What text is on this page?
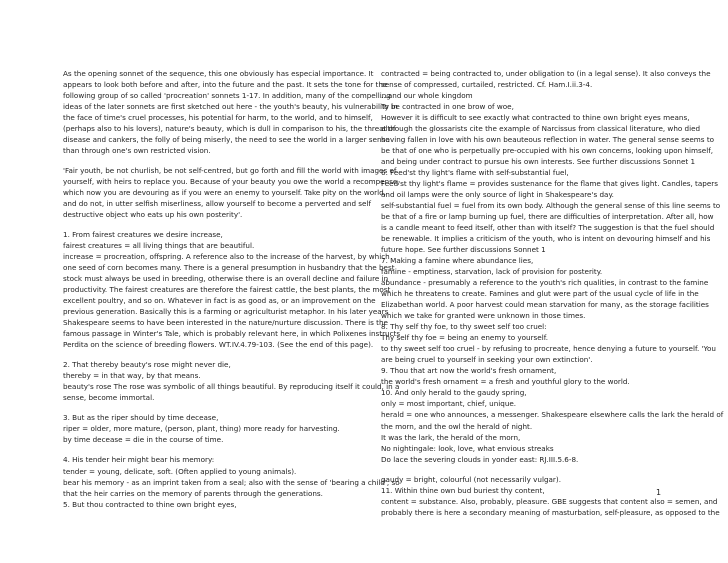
As the opening sonnet of the sequence, this one obviously has especial importance. It
appears to look both before and after, into the future and the past. It sets the tone for the
following group of so called 'procreation' sonnets 1-17. In addition, many of the compelling
ideas of the later sonnets are first sketched out here - the youth's beauty, his vulnerability in
the face of time's cruel processes, his potential for harm, to the world, and to himself,
(perhaps also to his lovers), nature's beauty, which is dull in comparison to his, the threat of
disease and cankers, the folly of being miserly, the need to see the world in a larger sense
than through one's own restricted vision.
'Fair youth, be not churlish, be not self-centred, but go forth and fill the world with images of
yourself, with heirs to replace you. Because of your beauty you owe the world a recompense,
which now you are devouring as if you were an enemy to yourself. Take pity on the world,
and do not, in utter selfish miserliness, allow yourself to become a perverted and self
destructive object who eats up his own posterity'.
1. From fairest creatures we desire increase,
fairest creatures = all living things that are beautiful.
increase = procreation, offspring. A reference also to the increase of the harvest, by which
one seed of corn becomes many. There is a general presumption in husbandry that the best
stock must always be used in breeding, otherwise there is an overall decline and failure in
productivity. The fairest creatures are therefore the fairest cattle, the best plants, the most
excellent poultry, and so on. Whatever in fact is as good as, or an improvement on the
previous generation. Basically this is a farming or agriculturist metaphor. In his later years
Shakespeare seems to have been interested in the nature/nurture discussion. There is the
famous passage in Winter's Tale, which is probably relevant here, in which Polixenes instructs
Perdita on the science of breeding flowers. WT.IV.4.79-103. (See the end of this page).
2. That thereby beauty's rose might never die,
thereby = in that way, by that means.
beauty's rose The rose was symbolic of all things beautiful. By reproducing itself it could, in a
sense, become immortal.
3. But as the riper should by time decease,
riper = older, more mature, (person, plant, thing) more ready for harvesting.
by time decease = die in the course of time.
4. His tender heir might bear his memory:
tender = young, delicate, soft. (Often applied to young animals).
bear his memory - as an imprint taken from a seal; also with the sense of 'bearing a child', so
that the heir carries on the memory of parents through the generations.
5. But thou contracted to thine own bright eyes,
contracted = being contracted to, under obligation to (in a legal sense). It also conveys the
sense of compressed, curtailed, restricted. Cf. Ham.I.ii.3-4.
...and our whole kingdom
To be contracted in one brow of woe,
However it is difficult to see exactly what contracted to thine own bright eyes means,
although the glossarists cite the example of Narcissus from classical literature, who died
having fallen in love with his own beauteous reflection in water. The general sense seems to
be that of one who is perpetually pre-occupied with his own concerns, looking upon himself,
and being under contract to pursue his own interests. See further discussions Sonnet 1
6. Feed'st thy light's flame with self-substantial fuel,
Feed'st thy light's flame = provides sustenance for the flame that gives light. Candles, tapers
and oil lamps were the only source of light in Shakespeare's day.
self-substantial fuel = fuel from its own body. Although the general sense of this line seems to
be that of a fire or lamp burning up fuel, there are difficulties of interpretation. After all, how
is a candle meant to feed itself, other than with itself? The suggestion is that the fuel should
be renewable. It implies a criticism of the youth, who is intent on devouring himself and his
future hope. See further discussions Sonnet 1
7. Making a famine where abundance lies,
famine - emptiness, starvation, lack of provision for posterity.
abundance - presumably a reference to the youth's rich qualities, in contrast to the famine
which he threatens to create. Famines and glut were part of the usual cycle of life in the
Elizabethan world. A poor harvest could mean starvation for many, as the storage facilities
which we take for granted were unknown in those times.
8. Thy self thy foe, to thy sweet self too cruel:
Thy self thy foe = being an enemy to yourself.
to thy sweet self too cruel - by refusing to procreate, hence denying a future to yourself. 'You
are being cruel to yourself in seeking your own extinction'.
9. Thou that art now the world's fresh ornament,
the world's fresh ornament = a fresh and youthful glory to the world.
10. And only herald to the gaudy spring,
only = most important, chief, unique.
herald = one who announces, a messenger. Shakespeare elsewhere calls the lark the herald of
the morn, and the owl the herald of night.
It was the lark, the herald of the morn,
No nightingale: look, love, what envious streaks
Do lace the severing clouds in yonder east: RJ.III.5.6-8.
gaudy = bright, colourful (not necessarily vulgar).
11. Within thine own bud buriest thy content,
content = substance. Also, probably, pleasure. GBE suggests that content also = semen, and
probably there is here a secondary meaning of masturbation, self-pleasure, as opposed to the
1
